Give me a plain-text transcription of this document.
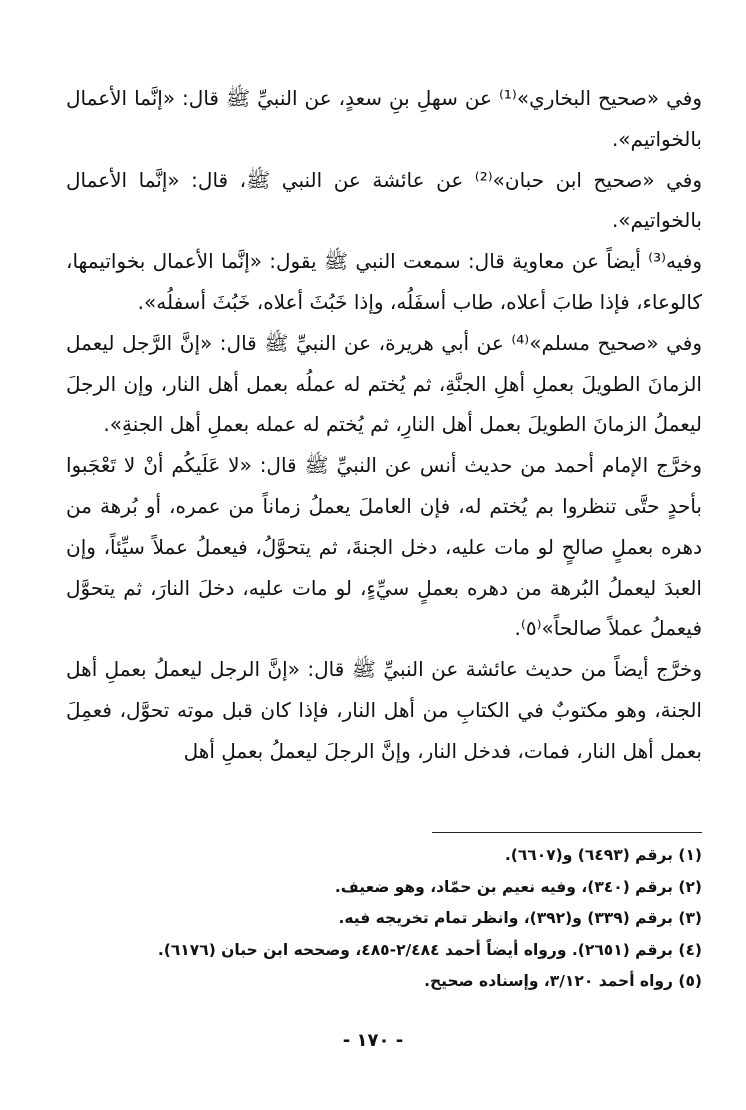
وفي «صحيح البخاري»⁽¹⁾ عن سهلِ بنِ سعدٍ، عن النبيِّ ﷺ قال: «إنَّما الأعمال بالخواتيم».

وفي «صحيح ابن حبان»⁽²⁾ عن عائشة عن النبي ﷺ، قال: «إنَّما الأعمال بالخواتيم».

وفيه⁽³⁾ أيضاً عن معاوية قال: سمعت النبي ﷺ يقول: «إنَّما الأعمال بخواتيمها، كالوعاء، فإذا طابَ أعلاه، طاب أسفَلُه، وإذا خَبُثَ أعلاه، خَبُثَ أسفلُه».

وفي «صحيح مسلم»⁽⁴⁾ عن أبي هريرة، عن النبيِّ ﷺ قال: «إنَّ الرَّجل ليعمل الزمانَ الطويلَ بعملِ أهلِ الجنَّةِ، ثم يُختم له عملُه بعمل أهل النار، وإن الرجلَ ليعملُ الزمانَ الطويلَ بعمل أهل النارِ، ثم يُختم له عمله بعملِ أهل الجنةِ».

وخرَّج الإمام أحمد من حديث أنس عن النبيِّ ﷺ قال: «لا عَلَيكُم أنْ لا تَعْجَبوا بأحدٍ حتَّى تنظروا بم يُختم له، فإن العاملَ يعملُ زماناً من عمره، أو بُرهة من دهره بعملٍ صالحٍ لو مات عليه، دخل الجنةَ، ثم يتحوَّلُ، فيعملُ عملاً سيِّئاً، وإن العبدَ ليعملُ البُرهة من دهره بعملٍ سيِّءٍ، لو مات عليه، دخلَ النارَ، ثم يتحوَّل فيعملُ عملاً صالحاً»⁽٥⁾.

وخرَّج أيضاً من حديث عائشة عن النبيِّ ﷺ قال: «إنَّ الرجل ليعملُ بعملِ أهل الجنة، وهو مكتوبٌ في الكتابِ من أهل النار، فإذا كان قبل موته تحوَّل، فعمِلَ بعمل أهل النار، فمات، فدخل النار، وإنَّ الرجلَ ليعملُ بعملِ أهل

(١) برقم (٦٤٩٣) و(٦٦٠٧).

(٢) برقم (٣٤٠)، وفيه نعيم بن حمّاد، وهو ضعيف.

(٣) برقم (٣٣٩) و(٣٩٢)، وانظر تمام تخريجه فيه.

(٤) برقم (٢٦٥١). ورواه أيضاً أحمد ٢/٤٨٤-٤٨٥، وصححه ابن حبان (٦١٧٦).

(٥) رواه أحمد ٣/١٢٠، وإسناده صحيح.

- ١٧٠ -
